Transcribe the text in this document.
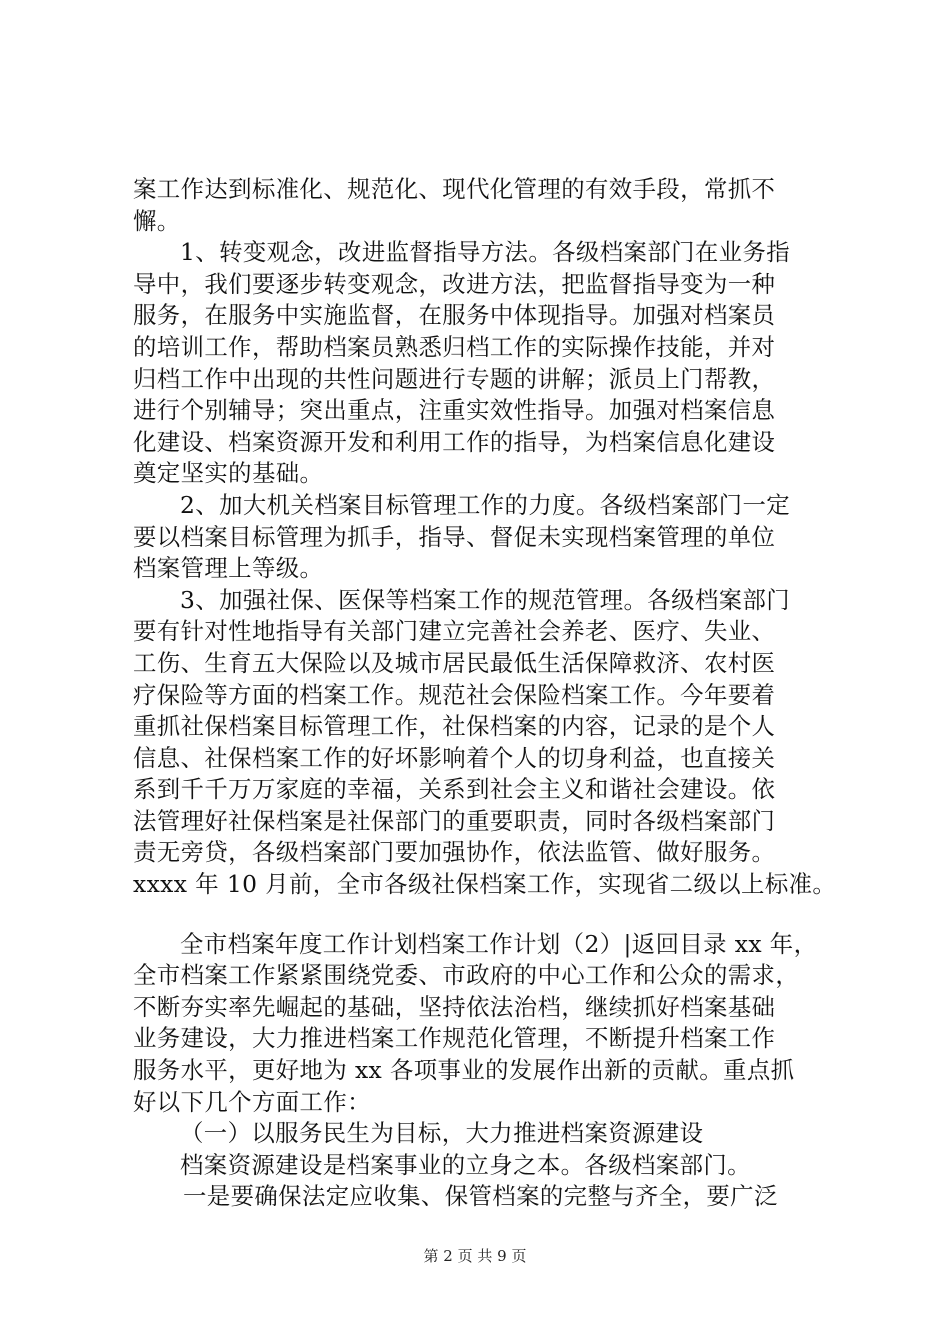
案工作达到标准化、规范化、现代化管理的有效手段，常抓不
懈。
1、转变观念，改进监督指导方法。各级档案部门在业务指
导中，我们要逐步转变观念，改进方法，把监督指导变为一种
服务，在服务中实施监督，在服务中体现指导。加强对档案员
的培训工作，帮助档案员熟悉归档工作的实际操作技能，并对
归档工作中出现的共性问题进行专题的讲解；派员上门帮教，
进行个别辅导；突出重点，注重实效性指导。加强对档案信息
化建设、档案资源开发和利用工作的指导，为档案信息化建设
奠定坚实的基础。
2、加大机关档案目标管理工作的力度。各级档案部门一定
要以档案目标管理为抓手，指导、督促未实现档案管理的单位
档案管理上等级。
3、加强社保、医保等档案工作的规范管理。各级档案部门
要有针对性地指导有关部门建立完善社会养老、医疗、失业、
工伤、生育五大保险以及城市居民最低生活保障救济、农村医
疗保险等方面的档案工作。规范社会保险档案工作。今年要着
重抓社保档案目标管理工作，社保档案的内容，记录的是个人
信息、社保档案工作的好坏影响着个人的切身利益，也直接关
系到千千万万家庭的幸福，关系到社会主义和谐社会建设。依
法管理好社保档案是社保部门的重要职责，同时各级档案部门
责无旁贷，各级档案部门要加强协作，依法监管、做好服务。
xxxx 年 10 月前，全市各级社保档案工作，实现省二级以上标准。
全市档案年度工作计划档案工作计划（2）|返回目录 xx 年，
全市档案工作紧紧围绕党委、市政府的中心工作和公众的需求，
不断夯实率先崛起的基础，坚持依法治档，继续抓好档案基础
业务建设，大力推进档案工作规范化管理，不断提升档案工作
服务水平，更好地为 xx 各项事业的发展作出新的贡献。重点抓
好以下几个方面工作：
（一）以服务民生为目标，大力推进档案资源建设
档案资源建设是档案事业的立身之本。各级档案部门。
一是要确保法定应收集、保管档案的完整与齐全，要广泛
第 2 页 共 9 页
